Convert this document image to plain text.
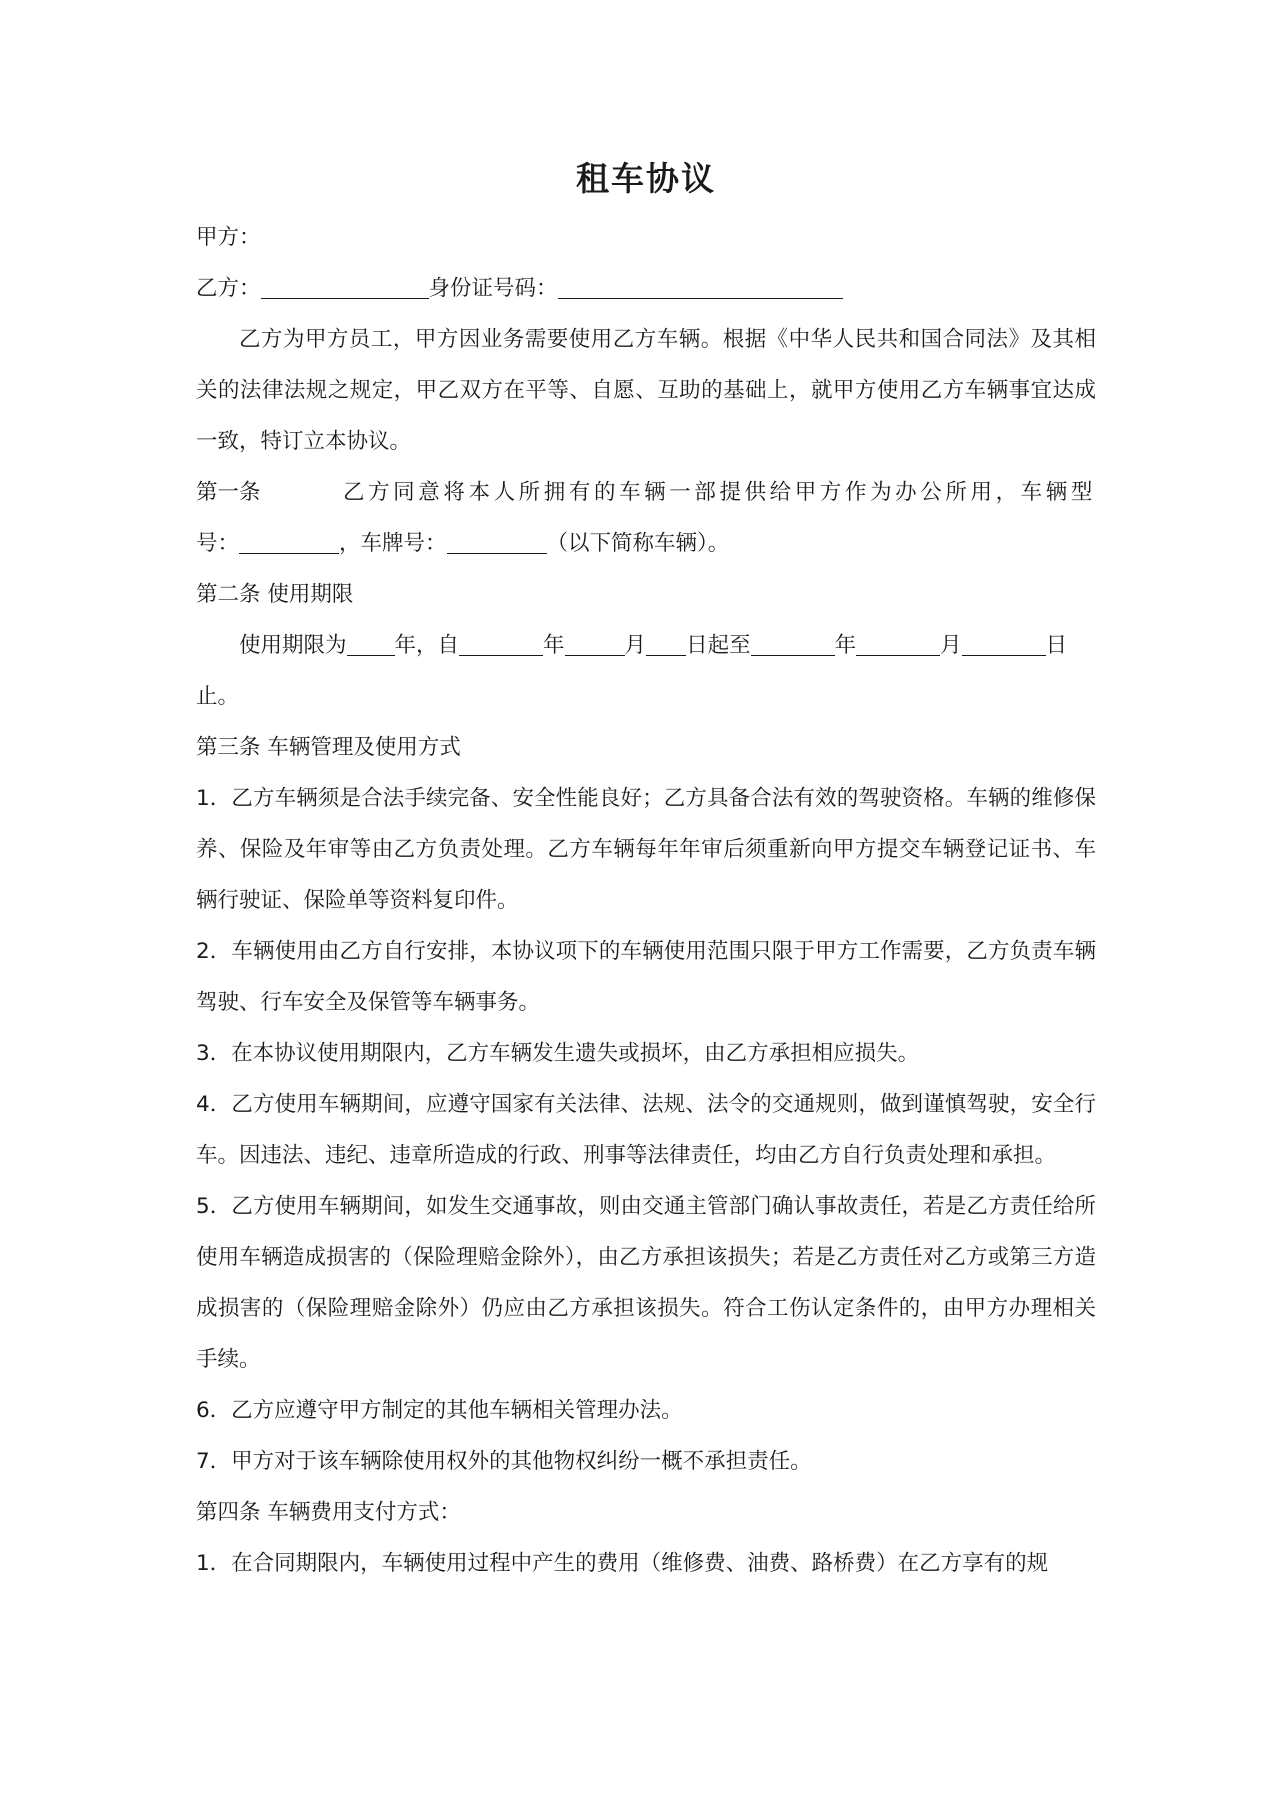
租车协议
甲方：
乙方：	身份证号码：

乙方为甲方员工，甲方因业务需要使用乙方车辆。根据《中华人民共和国合同法》及其相关的法律法规之规定，甲乙双方在平等、自愿、互助的基础上，就甲方使用乙方车辆事宜达成一致，特订立本协议。

第一条	乙方同意将本人所拥有的车辆一部提供给甲方作为办公所用，车辆型
号：	，车牌号：	（以下简称车辆）。
第二条 使用期限
使用期限为 年，自	年	月 日起至	年	月	日
止。
第三条 车辆管理及使用方式

1．乙方车辆须是合法手续完备、安全性能良好；乙方具备合法有效的驾驶资格。车辆的维修保养、保险及年审等由乙方负责处理。乙方车辆每年年审后须重新向甲方提交车辆登记证书、车辆行驶证、保险单等资料复印件。

2．车辆使用由乙方自行安排，本协议项下的车辆使用范围只限于甲方工作需要，乙方负责车辆驾驶、行车安全及保管等车辆事务。

3．在本协议使用期限内，乙方车辆发生遗失或损坏，由乙方承担相应损失。

4．乙方使用车辆期间，应遵守国家有关法律、法规、法令的交通规则，做到谨慎驾驶，安全行车。因违法、违纪、违章所造成的行政、刑事等法律责任，均由乙方自行负责处理和承担。

5．乙方使用车辆期间，如发生交通事故，则由交通主管部门确认事故责任，若是乙方责任给所使用车辆造成损害的（保险理赔金除外），由乙方承担该损失；若是乙方责任对乙方或第三方造成损害的（保险理赔金除外）仍应由乙方承担该损失。符合工伤认定条件的，由甲方办理相关手续。

6．乙方应遵守甲方制定的其他车辆相关管理办法。

7．甲方对于该车辆除使用权外的其他物权纠纷一概不承担责任。

第四条 车辆费用支付方式：
1．在合同期限内，车辆使用过程中产生的费用（维修费、油费、路桥费）在乙方享有的规
